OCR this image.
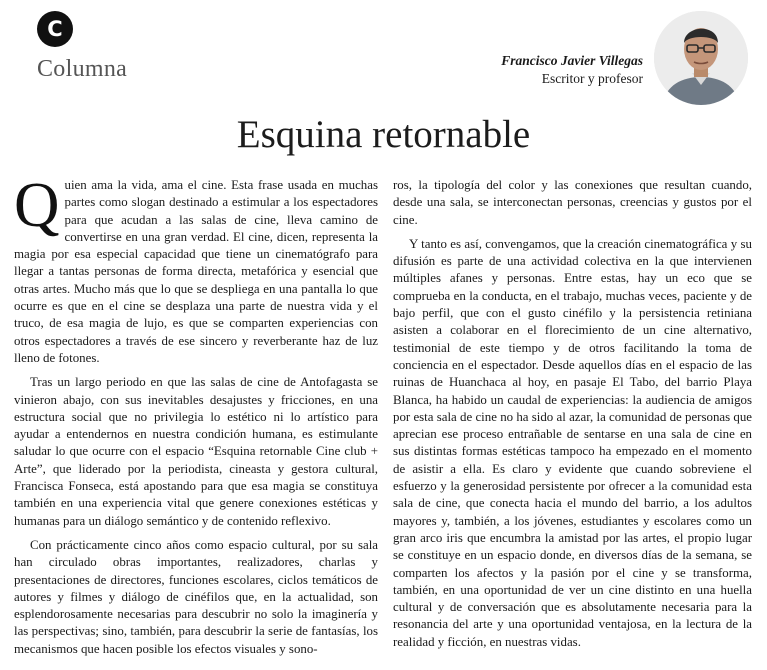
C
Columna	Francisco Javier Villegas
Escritor y profesor
Esquina retornable

Quien ama la vida, ama el cine. Esta frase usada en muchas partes como slogan destinado a estimular a los espectadores para que acudan a las salas de cine, lleva camino de convertirse en una gran verdad. El cine, dicen, representa la magia por esa especial capacidad que tiene un cinematógrafo para llegar a tantas personas de forma directa, metafórica y esencial que otras artes. Mucho más que lo que se despliega en una pantalla lo que ocurre es que en el cine se desplaza una parte de nuestra vida y el truco, de esa magia de lujo, es que se comparten experiencias con otros espectadores a través de ese sincero y reverberante haz de luz lleno de fotones.

Tras un largo periodo en que las salas de cine de Antofagasta se vinieron abajo, con sus inevitables desajustes y fricciones, en una estructura social que no privilegia lo estético ni lo artístico para ayudar a entendernos en nuestra condición humana, es estimulante saludar lo que ocurre con el espacio “Esquina retornable Cine club + Arte”, que liderado por la periodista, cineasta y gestora cultural, Francisca Fonseca, está apostando para que esa magia se constituya también en una experiencia vital que genere conexiones estéticas y humanas para un diálogo semántico y de contenido reflexivo.

Con prácticamente cinco años como espacio cultural, por su sala han circulado obras importantes, realizadores, charlas y presentaciones de directores, funciones escolares, ciclos temáticos de autores y filmes y diálogo de cinéfilos que, en la actualidad, son esplendorosamente necesarias para descubrir no solo la imaginería y las perspectivas; sino, también, para descubrir la serie de fantasías, los mecanismos que hacen posible los efectos visuales y sono-

ros, la tipología del color y las conexiones que resultan cuando, desde una sala, se interconectan personas, creencias y gustos por el cine.

Y tanto es así, convengamos, que la creación cinematográfica y su difusión es parte de una actividad colectiva en la que intervienen múltiples afanes y personas. Entre estas, hay un eco que se comprueba en la conducta, en el trabajo, muchas veces, paciente y de bajo perfil, que con el gusto cinéfilo y la persistencia retiniana asisten a colaborar en el florecimiento de un cine alternativo, testimonial de este tiempo y de otros facilitando la toma de conciencia en el espectador. Desde aquellos días en el espacio de las ruinas de Huanchaca al hoy, en pasaje El Tabo, del barrio Playa Blanca, ha habido un caudal de experiencias: la audiencia de amigos por esta sala de cine no ha sido al azar, la comunidad de personas que aprecian ese proceso entrañable de sentarse en una sala de cine en sus distintas formas estéticas tampoco ha empezado en el momento de asistir a ella. Es claro y evidente que cuando sobreviene el esfuerzo y la generosidad persistente por ofrecer a la comunidad esta sala de cine, que conecta hacia el mundo del barrio, a los adultos mayores y, también, a los jóvenes, estudiantes y escolares como un gran arco iris que encumbra la amistad por las artes, el propio lugar se constituye en un espacio donde, en diversos días de la semana, se comparten los afectos y la pasión por el cine y se transforma, también, en una oportunidad de ver un cine distinto en una huella cultural y de conversación que es absolutamente necesaria para la resonancia del arte y una oportunidad ventajosa, en la lectura de la realidad y ficción, en nuestras vidas.
